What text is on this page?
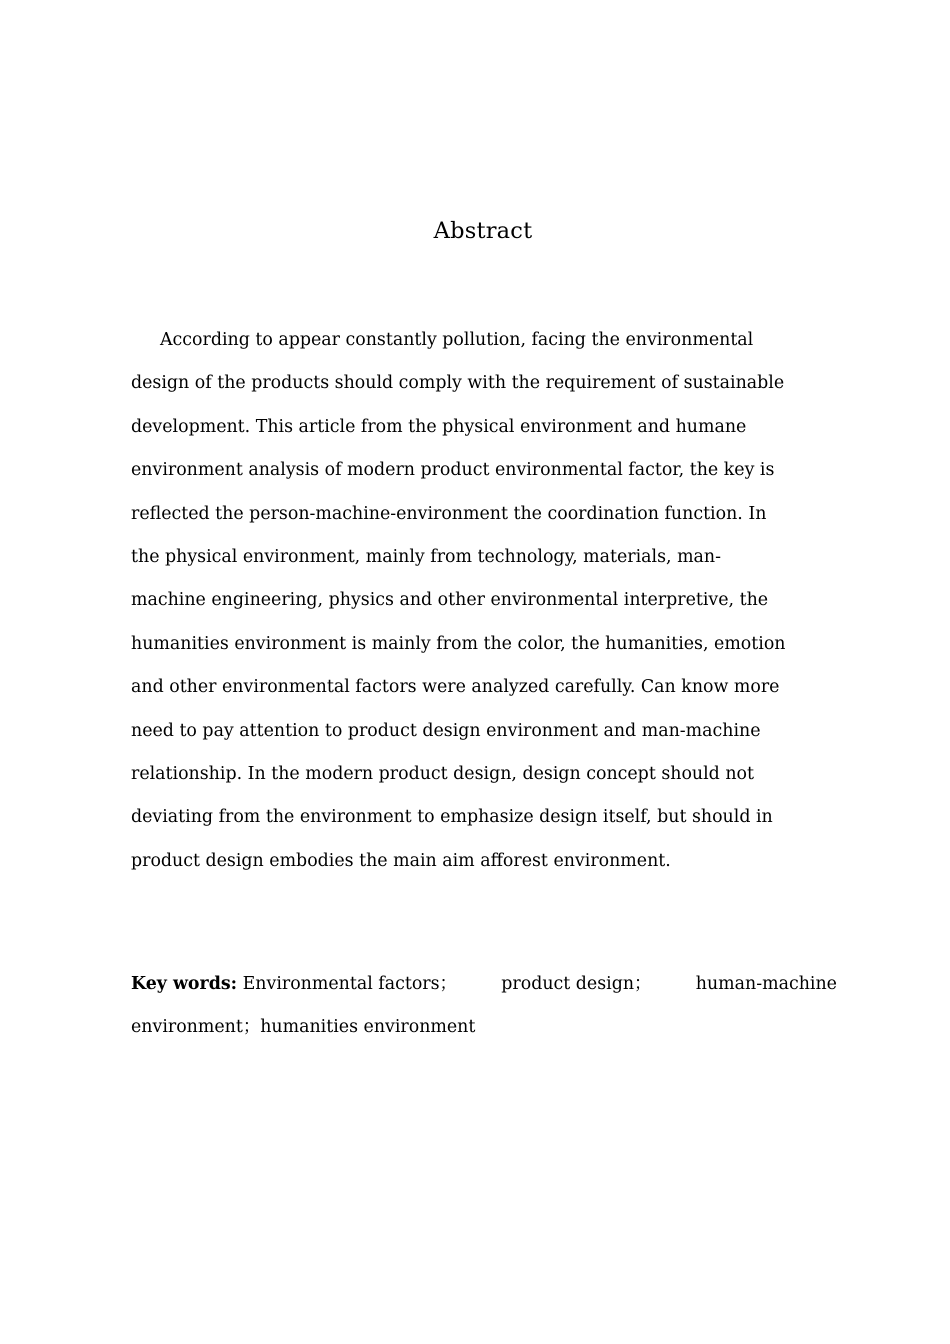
Abstract
According to appear constantly pollution, facing the environmental
design of the products should comply with the requirement of sustainable
development. This article from the physical environment and humane
environment analysis of modern product environmental factor, the key is
reflected the person-machine-environment the coordination function. In
the physical environment, mainly from technology, materials, man-
machine engineering, physics and other environmental interpretive, the
humanities environment is mainly from the color, the humanities, emotion
and other environmental factors were analyzed carefully. Can know more
need to pay attention to product design environment and man-machine
relationship. In the modern product design, design concept should not
deviating from the environment to emphasize design itself, but should in
product design embodies the main aim afforest environment.
Key words: Environmental factors；	product design；	human-machine
environment；humanities environment
